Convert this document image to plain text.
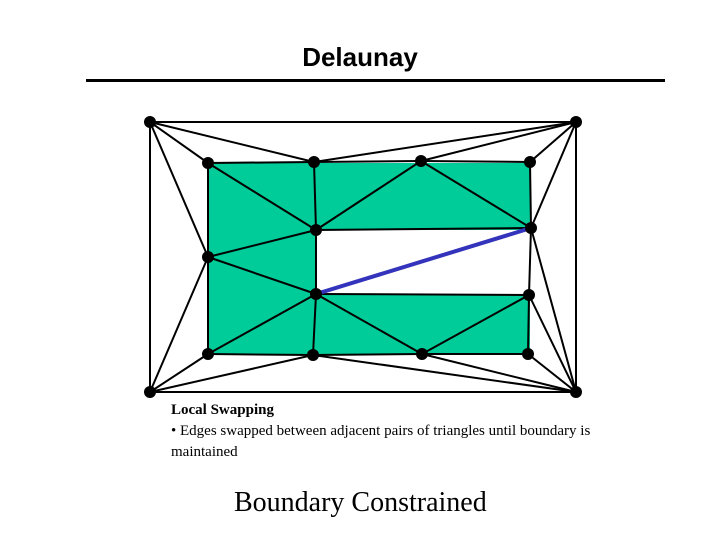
Delaunay
Local Swapping
• Edges swapped between adjacent pairs of triangles until boundary is maintained
Boundary Constrained
